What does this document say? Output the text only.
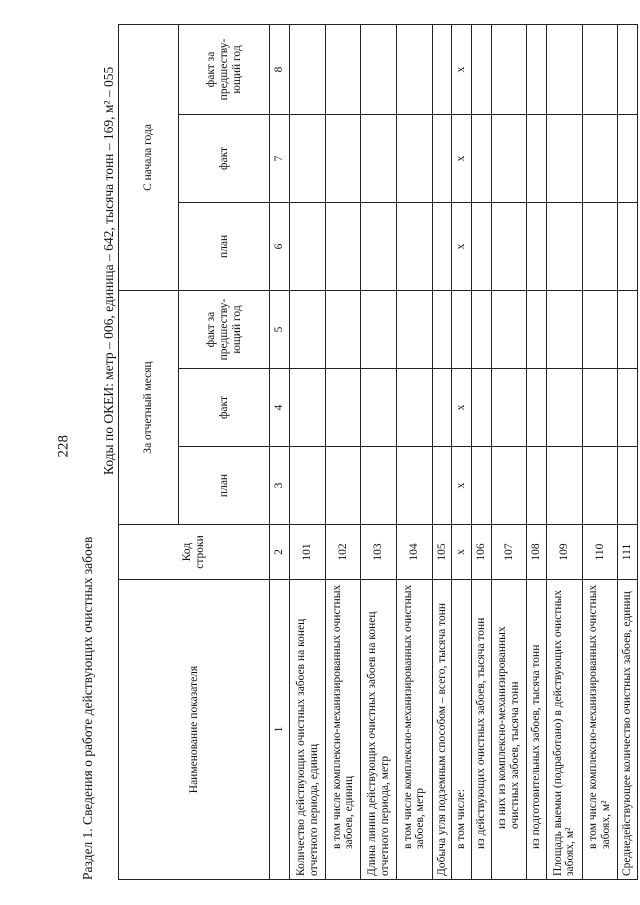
228
Раздел 1. Сведения о работе действующих очистных забоев
Коды по ОКЕИ: метр – 006, единица – 642, тысяча тонн – 169, м² – 055
Наименование показателя	Код строки	За отчетный месяц			С начала года		
		план	факт	факт за предшеству-ющий год	план	факт	факт за предшеству-ющий год
1	2	3	4	5	6	7	8
Количество действующих очистных забоев на конец отчетного периода, единиц	101						
в том числе комплексно-механизированных очистных забоев, единиц	102						
Длина линии действующих очистных забоев на конец отчетного периода, метр	103						
в том числе комплексно-механизированных очистных забоев, метр	104						
Добыча угля подземным способом – всего, тысяча тонн	105						
в том числе:	х	х	х		х	х	х
из действующих очистных забоев, тысяча тонн	106						
из них из комплексно-механизированных очистных забоев, тысяча тонн	107						
из подготовительных забоев, тысяча тонн	108						
Площадь выемки (подработано) в действующих очистных забоях, м²	109						
в том числе комплексно-механизированных очистных забоях, м²	110						
Среднедействующее количество очистных забоев, единиц	111						
